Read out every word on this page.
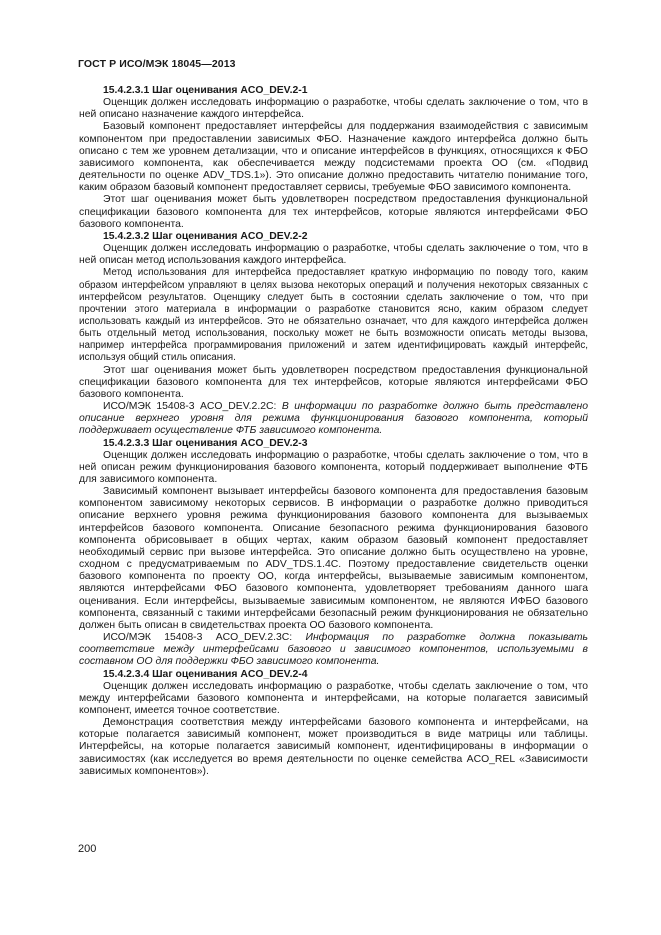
ГОСТ Р ИСО/МЭК 18045—2013

15.4.2.3.1 Шаг оценивания ACO_DEV.2-1

Оценщик должен исследовать информацию о разработке, чтобы сделать заключение о том, что в ней описано назначение каждого интерфейса.

Базовый компонент предоставляет интерфейсы для поддержания взаимодействия с зависимым компонентом при предоставлении зависимых ФБО. Назначение каждого интерфейса должно быть описано с тем же уровнем детализации, что и описание интерфейсов в функциях, относящихся к ФБО зависимого компонента, как обеспечивается между подсистемами проекта ОО (см. «Подвид деятельности по оценке ADV_TDS.1»). Это описание должно предоставить читателю понимание того, каким образом базовый компонент предоставляет сервисы, требуемые ФБО зависимого компонента.

Этот шаг оценивания может быть удовлетворен посредством предоставления функциональной спецификации базового компонента для тех интерфейсов, которые являются интерфейсами ФБО базового компонента.

15.4.2.3.2 Шаг оценивания ACO_DEV.2-2

Оценщик должен исследовать информацию о разработке, чтобы сделать заключение о том, что в ней описан метод использования каждого интерфейса.

Метод использования для интерфейса предоставляет краткую информацию по поводу того, каким образом интерфейсом управляют в целях вызова некоторых операций и получения некоторых связанных с интерфейсом результатов. Оценщику следует быть в состоянии сделать заключение о том, что при прочтении этого материала в информации о разработке становится ясно, каким образом следует использовать каждый из интерфейсов. Это не обязательно означает, что для каждого интерфейса должен быть отдельный метод использования, поскольку может не быть возможности описать методы вызова, например интерфейса программирования приложений и затем идентифицировать каждый интерфейс, используя общий стиль описания.

Этот шаг оценивания может быть удовлетворен посредством предоставления функциональной спецификации базового компонента для тех интерфейсов, которые являются интерфейсами ФБО базового компонента.

ИСО/МЭК 15408-3 ACO_DEV.2.2C: В информации по разработке должно быть представлено описание верхнего уровня для режима функционирования базового компонента, который поддерживает осуществление ФТБ зависимого компонента.

15.4.2.3.3 Шаг оценивания ACO_DEV.2-3

Оценщик должен исследовать информацию о разработке, чтобы сделать заключение о том, что в ней описан режим функционирования базового компонента, который поддерживает выполнение ФТБ для зависимого компонента.

Зависимый компонент вызывает интерфейсы базового компонента для предоставления базовым компонентом зависимому некоторых сервисов. В информации о разработке должно приводиться описание верхнего уровня режима функционирования базового компонента для вызываемых интерфейсов базового компонента. Описание безопасного режима функционирования базового компонента обрисовывает в общих чертах, каким образом базовый компонент предоставляет необходимый сервис при вызове интерфейса. Это описание должно быть осуществлено на уровне, сходном с предусматриваемым по ADV_TDS.1.4C. Поэтому предоставление свидетельств оценки базового компонента по проекту ОО, когда интерфейсы, вызываемые зависимым компонентом, являются интерфейсами ФБО базового компонента, удовлетворяет требованиям данного шага оценивания. Если интерфейсы, вызываемые зависимым компонентом, не являются ИФБО базового компонента, связанный с такими интерфейсами безопасный режим функционирования не обязательно должен быть описан в свидетельствах проекта ОО базового компонента.

ИСО/МЭК 15408-3 ACO_DEV.2.3C: Информация по разработке должна показывать соответствие между интерфейсами базового и зависимого компонентов, используемыми в составном ОО для поддержки ФБО зависимого компонента.

15.4.2.3.4 Шаг оценивания ACO_DEV.2-4

Оценщик должен исследовать информацию о разработке, чтобы сделать заключение о том, что между интерфейсами базового компонента и интерфейсами, на которые полагается зависимый компонент, имеется точное соответствие.

Демонстрация соответствия между интерфейсами базового компонента и интерфейсами, на которые полагается зависимый компонент, может производиться в виде матрицы или таблицы. Интерфейсы, на которые полагается зависимый компонент, идентифицированы в информации о зависимостях (как исследуется во время деятельности по оценке семейства ACO_REL «Зависимости зависимых компонентов»).

200
